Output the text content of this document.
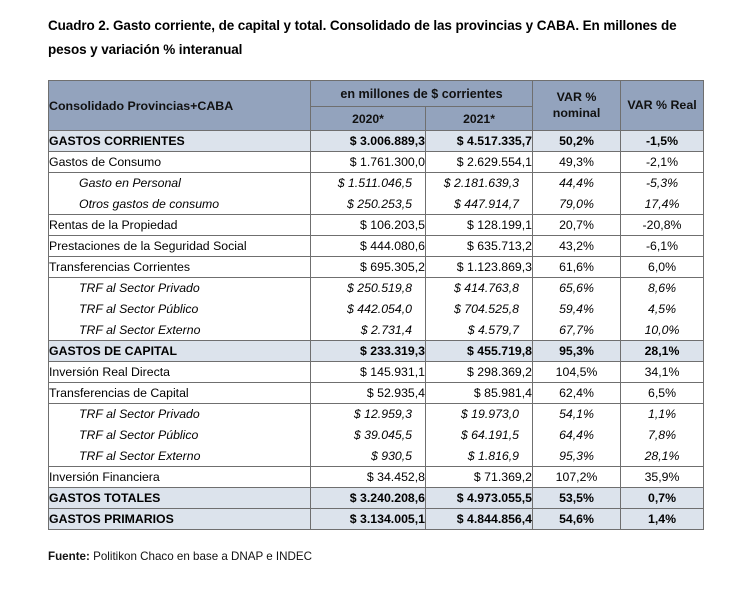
Cuadro 2. Gasto corriente, de capital y total. Consolidado de las provincias y CABA. En millones de pesos y variación % interanual
Consolidado Provincias+CABA	en millones de $ corrientes		VAR % nominal	VAR % Real
	2020*	2021*		
GASTOS CORRIENTES	$ 3.006.889,3	$ 4.517.335,7	50,2%	-1,5%
Gastos de Consumo	$ 1.761.300,0	$ 2.629.554,1	49,3%	-2,1%
Gasto en Personal	$ 1.511.046,5	$ 2.181.639,3	44,4%	-5,3%
Otros gastos de consumo	$ 250.253,5	$ 447.914,7	79,0%	17,4%
Rentas de la Propiedad	$ 106.203,5	$ 128.199,1	20,7%	-20,8%
Prestaciones de la Seguridad Social	$ 444.080,6	$ 635.713,2	43,2%	-6,1%
Transferencias Corrientes	$ 695.305,2	$ 1.123.869,3	61,6%	6,0%
TRF al Sector Privado	$ 250.519,8	$ 414.763,8	65,6%	8,6%
TRF al Sector Público	$ 442.054,0	$ 704.525,8	59,4%	4,5%
TRF al Sector Externo	$ 2.731,4	$ 4.579,7	67,7%	10,0%
GASTOS DE CAPITAL	$ 233.319,3	$ 455.719,8	95,3%	28,1%
Inversión Real Directa	$ 145.931,1	$ 298.369,2	104,5%	34,1%
Transferencias de Capital	$ 52.935,4	$ 85.981,4	62,4%	6,5%
TRF al Sector Privado	$ 12.959,3	$ 19.973,0	54,1%	1,1%
TRF al Sector Público	$ 39.045,5	$ 64.191,5	64,4%	7,8%
TRF al Sector Externo	$ 930,5	$ 1.816,9	95,3%	28,1%
Inversión Financiera	$ 34.452,8	$ 71.369,2	107,2%	35,9%
GASTOS TOTALES	$ 3.240.208,6	$ 4.973.055,5	53,5%	0,7%
GASTOS PRIMARIOS	$ 3.134.005,1	$ 4.844.856,4	54,6%	1,4%
Fuente: Politikon Chaco en base a DNAP e INDEC
